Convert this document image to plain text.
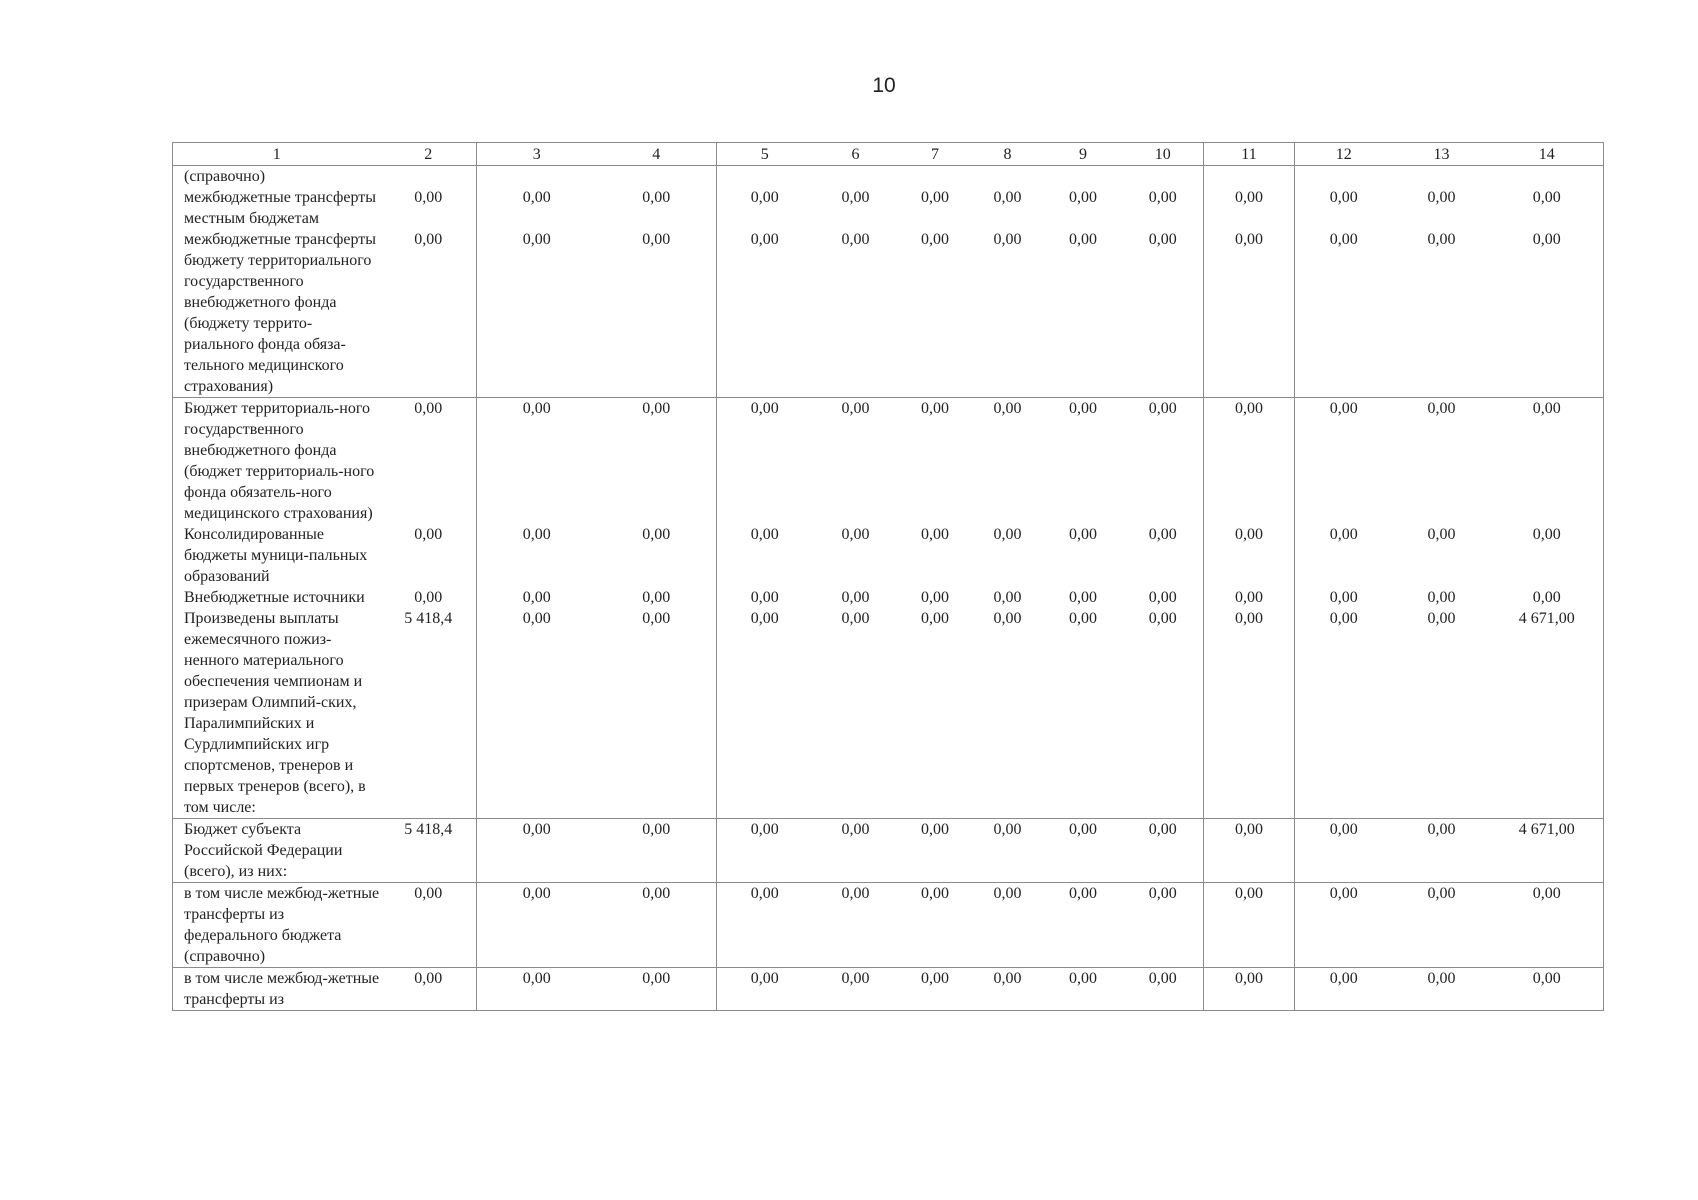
10
1	2	3	4	5	6	7	8	9	10	11	12	13	14
(справочно)													
межбюджетные трансферты местным бюджетам	0,00	0,00	0,00	0,00	0,00	0,00	0,00	0,00	0,00	0,00	0,00	0,00	0,00
межбюджетные трансферты бюджету территориального государственного внебюджетного фонда (бюджету террито-риального фонда обяза-тельного медицинского страхования)	0,00	0,00	0,00	0,00	0,00	0,00	0,00	0,00	0,00	0,00	0,00	0,00	0,00
Бюджет территориаль-ного государственного внебюджетного фонда (бюджет территориаль-ного фонда обязатель-ного медицинского страхования)	0,00	0,00	0,00	0,00	0,00	0,00	0,00	0,00	0,00	0,00	0,00	0,00	0,00
Консолидированные бюджеты муници-пальных образований	0,00	0,00	0,00	0,00	0,00	0,00	0,00	0,00	0,00	0,00	0,00	0,00	0,00
Внебюджетные источники	0,00	0,00	0,00	0,00	0,00	0,00	0,00	0,00	0,00	0,00	0,00	0,00	0,00
Произведены выплаты ежемесячного пожиз-ненного материального обеспечения чемпионам и призерам Олимпий-ских, Паралимпийских и Сурдлимпийских игр спортсменов, тренеров и первых тренеров (всего), в том числе:	5 418,4	0,00	0,00	0,00	0,00	0,00	0,00	0,00	0,00	0,00	0,00	0,00	4 671,00
Бюджет субъекта Российской Федерации (всего), из них:	5 418,4	0,00	0,00	0,00	0,00	0,00	0,00	0,00	0,00	0,00	0,00	0,00	4 671,00
в том числе межбюд-жетные трансферты из федерального бюджета (справочно)	0,00	0,00	0,00	0,00	0,00	0,00	0,00	0,00	0,00	0,00	0,00	0,00	0,00
в том числе межбюд-жетные трансферты из	0,00	0,00	0,00	0,00	0,00	0,00	0,00	0,00	0,00	0,00	0,00	0,00	0,00
